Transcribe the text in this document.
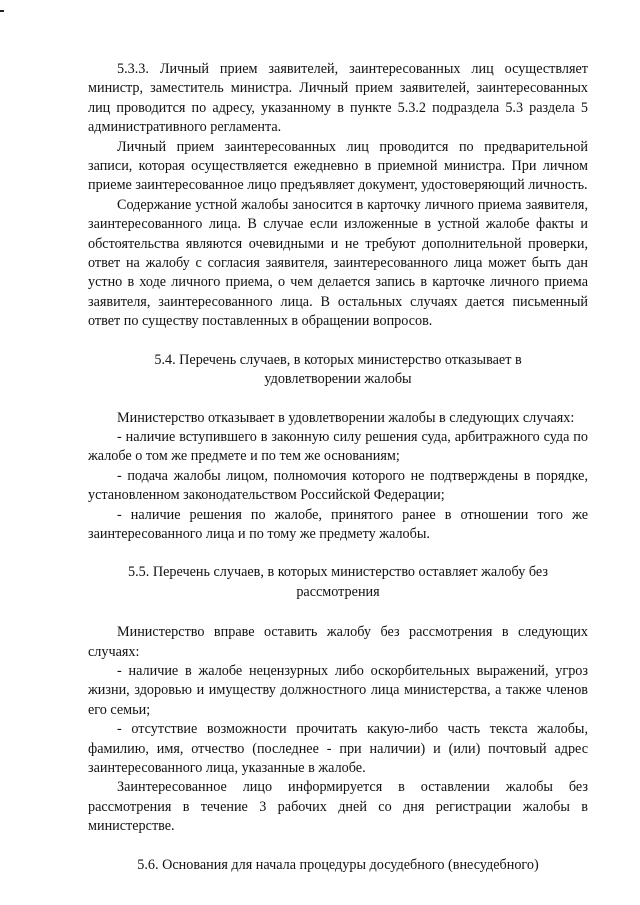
5.3.3. Личный прием заявителей, заинтересованных лиц осуществляет министр, заместитель министра. Личный прием заявителей, заинтересованных лиц проводится по адресу, указанному в пункте 5.3.2 подраздела 5.3 раздела 5 административного регламента.

Личный прием заинтересованных лиц проводится по предварительной записи, которая осуществляется ежедневно в приемной министра. При личном приеме заинтересованное лицо предъявляет документ, удостоверяющий личность.

Содержание устной жалобы заносится в карточку личного приема заявителя, заинтересованного лица. В случае если изложенные в устной жалобе факты и обстоятельства являются очевидными и не требуют дополнительной проверки, ответ на жалобу с согласия заявителя, заинтересованного лица может быть дан устно в ходе личного приема, о чем делается запись в карточке личного приема заявителя, заинтересованного лица. В остальных случаях дается письменный ответ по существу поставленных в обращении вопросов.

5.4. Перечень случаев, в которых министерство отказывает в удовлетворении жалобы

Министерство отказывает в удовлетворении жалобы в следующих случаях:

- наличие вступившего в законную силу решения суда, арбитражного суда по жалобе о том же предмете и по тем же основаниям;

- подача жалобы лицом, полномочия которого не подтверждены в порядке, установленном законодательством Российской Федерации;

- наличие решения по жалобе, принятого ранее в отношении того же заинтересованного лица и по тому же предмету жалобы.

5.5. Перечень случаев, в которых министерство оставляет жалобу без рассмотрения

Министерство вправе оставить жалобу без рассмотрения в следующих случаях:

- наличие в жалобе нецензурных либо оскорбительных выражений, угроз жизни, здоровью и имуществу должностного лица министерства, а также членов его семьи;

- отсутствие возможности прочитать какую-либо часть текста жалобы, фамилию, имя, отчество (последнее - при наличии) и (или) почтовый адрес заинтересованного лица, указанные в жалобе.

Заинтересованное лицо информируется в оставлении жалобы без рассмотрения в течение 3 рабочих дней со дня регистрации жалобы в министерстве.

5.6. Основания для начала процедуры досудебного (внесудебного)
